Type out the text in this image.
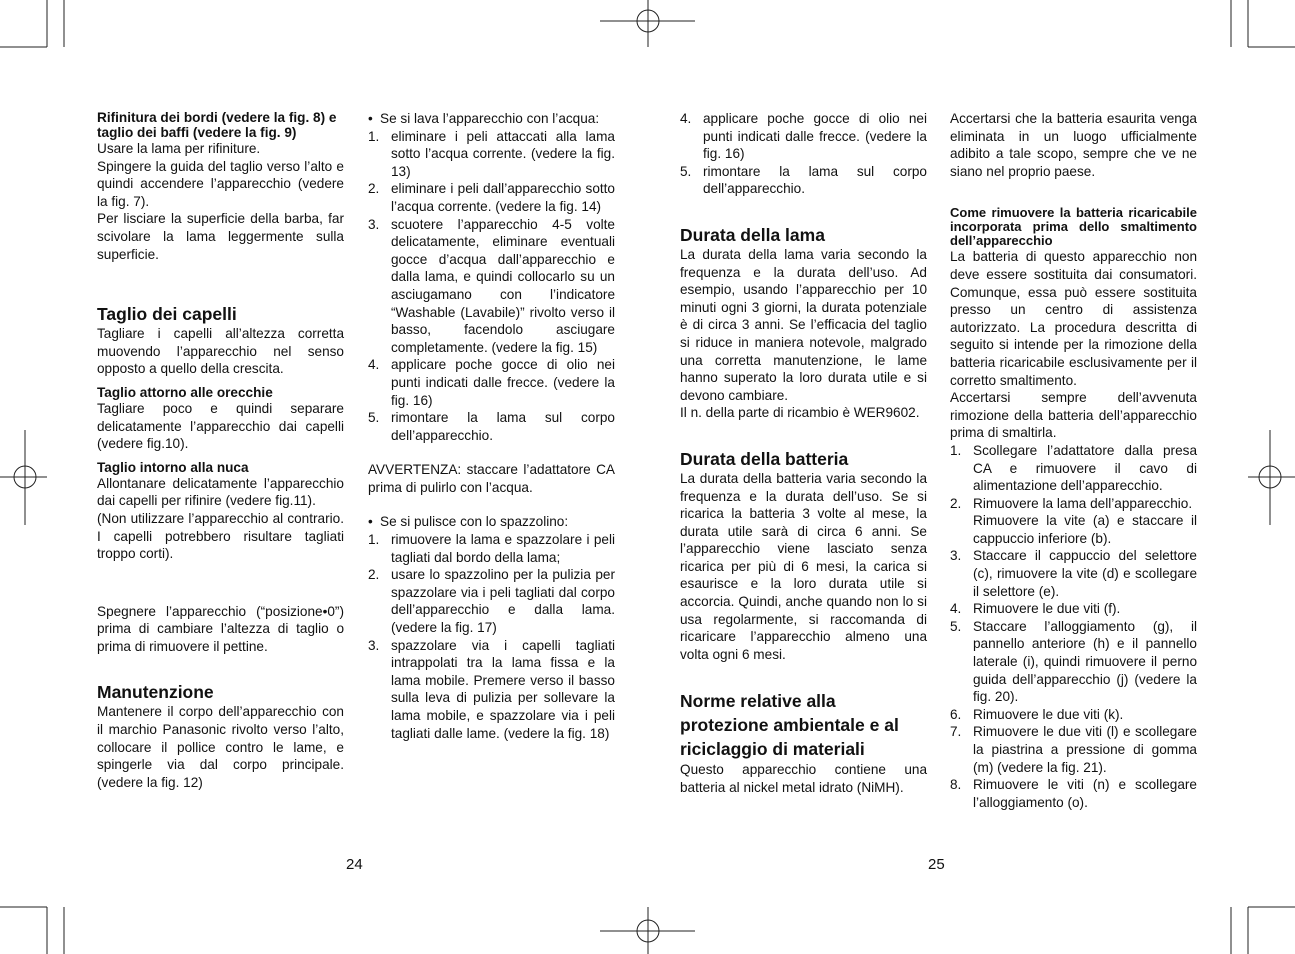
Rifinitura dei bordi (vedere la fig. 8) e taglio dei baffi (vedere la fig. 9)

Usare la lama per rifiniture.

Spingere la guida del taglio verso l’alto e quindi accendere l’apparecchio (vedere la fig. 7).

Per lisciare la superficie della barba, far scivolare la lama leggermente sulla superficie.

Taglio dei capelli

Tagliare i capelli all’altezza corretta muovendo l’apparecchio nel senso opposto a quello della crescita.

Taglio attorno alle orecchie

Tagliare poco e quindi separare delicatamente l’apparecchio dai capelli (vedere fig.10).

Taglio intorno alla nuca

Allontanare delicatamente l’apparecchio dai capelli per rifinire (vedere fig.11).

(Non utilizzare l’apparecchio al contrario. I capelli potrebbero risultare tagliati troppo corti).

Spegnere l’apparecchio (“posizione•0”) prima di cambiare l’altezza di taglio o prima di rimuovere il pettine.

Manutenzione

Mantenere il corpo dell’apparecchio con il marchio Panasonic rivolto verso l’alto, collocare il pollice contro le lame, e spingerle via dal corpo principale. (vedere la fig. 12)

• Se si lava l’apparecchio con l’acqua:
1. eliminare i peli attaccati alla lama sotto l’acqua corrente. (vedere la fig. 13)
2. eliminare i peli dall’apparecchio sotto l’acqua corrente. (vedere la fig. 14)
3. scuotere l’apparecchio 4-5 volte delicatamente, eliminare eventuali gocce d’acqua dall’apparecchio e dalla lama, e quindi collocarlo su un asciugamano con l’indicatore “Washable (Lavabile)” rivolto verso il basso, facendolo asciugare completamente. (vedere la fig. 15)
4. applicare poche gocce di olio nei punti indicati dalle frecce. (vedere la fig. 16)
5. rimontare la lama sul corpo dell’apparecchio.

AVVERTENZA: staccare l’adattatore CA prima di pulirlo con l’acqua.

• Se si pulisce con lo spazzolino:
1. rimuovere la lama e spazzolare i peli tagliati dal bordo della lama;
2. usare lo spazzolino per la pulizia per spazzolare via i peli tagliati dal corpo dell’apparecchio e dalla lama. (vedere la fig. 17)
3. spazzolare via i capelli tagliati intrappolati tra la lama fissa e la lama mobile. Premere verso il basso sulla leva di pulizia per sollevare la lama mobile, e spazzolare via i peli tagliati dalle lame. (vedere la fig. 18)
4. applicare poche gocce di olio nei punti indicati dalle frecce. (vedere la fig. 16)
5. rimontare la lama sul corpo dell’apparecchio.

Durata della lama

La durata della lama varia secondo la frequenza e la durata dell’uso. Ad esempio, usando l’apparecchio per 10 minuti ogni 3 giorni, la durata potenziale è di circa 3 anni. Se l’efficacia del taglio si riduce in maniera notevole, malgrado una corretta manutenzione, le lame hanno superato la loro durata utile e si devono cambiare.

Il n. della parte di ricambio è WER9602.

Durata della batteria

La durata della batteria varia secondo la frequenza e la durata dell’uso. Se si ricarica la batteria 3 volte al mese, la durata utile sarà di circa 6 anni. Se l’apparecchio viene lasciato senza ricarica per più di 6 mesi, la carica si esaurisce e la loro durata utile si accorcia. Quindi, anche quando non lo si usa regolarmente, si raccomanda di ricaricare l’apparecchio almeno una volta ogni 6 mesi.

Norme relative alla protezione ambientale e al riciclaggio di materiali

Questo apparecchio contiene una batteria al nickel metal idrato (NiMH).

Accertarsi che la batteria esaurita venga eliminata in un luogo ufficialmente adibito a tale scopo, sempre che ve ne siano nel proprio paese.

Come rimuovere la batteria ricaricabile incorporata prima dello smaltimento dell’apparecchio

La batteria di questo apparecchio non deve essere sostituita dai consumatori. Comunque, essa può essere sostituita presso un centro di assistenza autorizzato. La procedura descritta di seguito si intende per la rimozione della batteria ricaricabile esclusivamente per il corretto smaltimento.

Accertarsi sempre dell’avvenuta rimozione della batteria dell’apparecchio prima di smaltirla.

1. Scollegare l’adattatore dalla presa CA e rimuovere il cavo di alimentazione dell’apparecchio.
2. Rimuovere la lama dell’apparecchio.
Rimuovere la vite (a) e staccare il cappuccio inferiore (b).
3. Staccare il cappuccio del selettore (c), rimuovere la vite (d) e scollegare il selettore (e).
4. Rimuovere le due viti (f).
5. Staccare l’alloggiamento (g), il pannello anteriore (h) e il pannello laterale (i), quindi rimuovere il perno guida dell’apparecchio (j) (vedere la fig. 20).
6. Rimuovere le due viti (k).
7. Rimuovere le due viti (l) e scollegare la piastrina a pressione di gomma (m) (vedere la fig. 21).
8. Rimuovere le viti (n) e scollegare l’alloggiamento (o).
24	25
